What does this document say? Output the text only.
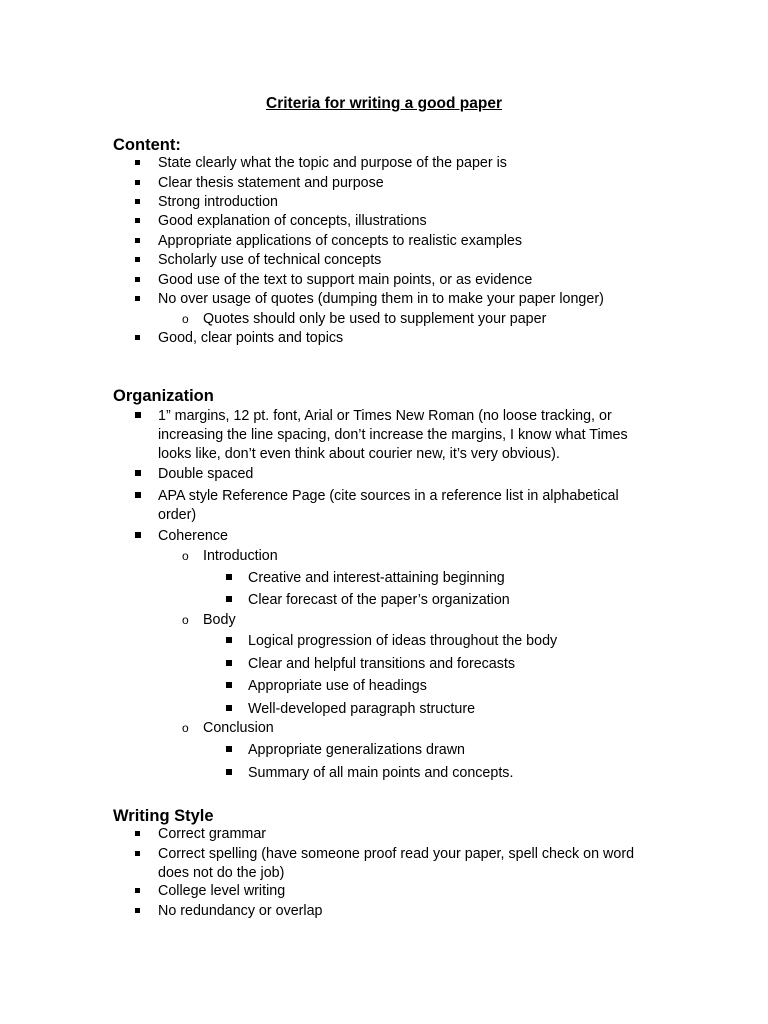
Criteria for writing a good paper
Content:
State clearly what the topic and purpose of the paper is
Clear thesis statement and purpose
Strong introduction
Good explanation of concepts, illustrations
Appropriate applications of concepts to realistic examples
Scholarly use of technical concepts
Good use of the text to support main points, or as evidence
No over usage of quotes (dumping them in to make your paper longer)
o Quotes should only be used to supplement your paper
Good, clear points and topics
Organization
1” margins, 12 pt. font, Arial or Times New Roman (no loose tracking, or increasing the line spacing, don’t increase the margins, I know what Times looks like, don’t even think about courier new, it’s very obvious).
Double spaced
APA style Reference Page (cite sources in a reference list in alphabetical order)
Coherence
o Introduction
Creative and interest-attaining beginning
Clear forecast of the paper’s organization
o Body
Logical progression of ideas throughout the body
Clear and helpful transitions and forecasts
Appropriate use of headings
Well-developed paragraph structure
o Conclusion
Appropriate generalizations drawn
Summary of all main points and concepts.
Writing Style
Correct grammar
Correct spelling (have someone proof read your paper, spell check on word does not do the job)
College level writing
No redundancy or overlap
